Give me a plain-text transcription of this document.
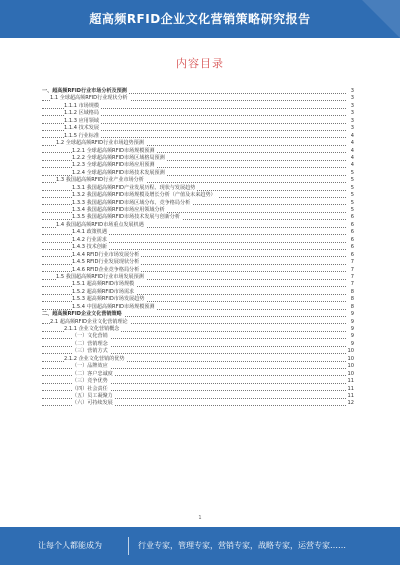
超高频RFID企业文化营销策略研究报告
内容目录
一、超高频RFID行业市场分析及预测	3
1.1 全球超高频RFID行业现状分析	3
1.1.1 市场规模	3
1.1.2 区域格局	3
1.1.3 应用领域	3
1.1.4 技术发展	3
1.1.5 行业标准	4
1.2 全球超高频RFID行业市场趋势预测	4
1.2.1 全球超高频RFID市场规模预测	4
1.2.2 全球超高频RFID市场区域格局预测	4
1.2.3 全球超高频RFID市场应用预测	4
1.2.4 全球超高频RFID市场技术发展预测	5
1.3 我国超高频RFID行业产业市场分析	5
1.3.1 我国超高频RFID产业发展历程、现状与发展趋势	5
1.3.2 我国超高频RFID市场规模及增长分析（产值及未来趋势）	5
1.3.3 我国超高频RFID市场区域分布、竞争格局分析	5
1.3.4 我国超高频RFID市场应用领域分析	5
1.3.5 我国超高频RFID市场技术发展与创新分析	6
1.4 我国超高频RFID市场重点发展机遇	6
1.4.1 政策机遇	6
1.4.2 行业需求	6
1.4.3 技术创新	6
1.4.4 RFID行业市场发展分析	6
1.4.5 RFID行业发展现状分析	7
1.4.6 RFID企业竞争格局分析	7
1.5 我国超高频RFID行业市场发展预测	7
1.5.1 超高频RFID市场规模	7
1.5.2 超高频RFID市场需求	8
1.5.3 超高频RFID市场发展趋势	8
1.5.4 中国超高频RFID市场规模预测	8
二、超高频RFID企业文化营销策略	9
2.1 超高频RFID企业文化营销理论	9
2.1.1 企业文化营销概念	9
（一）文化营销	9
（二）营销理念	9
（三）营销方式	10
2.1.2 企业文化营销的优势	10
（一）品牌效应	10
（二）客户忠诚度	10
（三）竞争优势	11
（四）社会责任	11
（五）员工凝聚力	11
（六）可持续发展	12
1
让每个人都能成为	行业专家，管理专家，营销专家，战略专家，运营专家……
